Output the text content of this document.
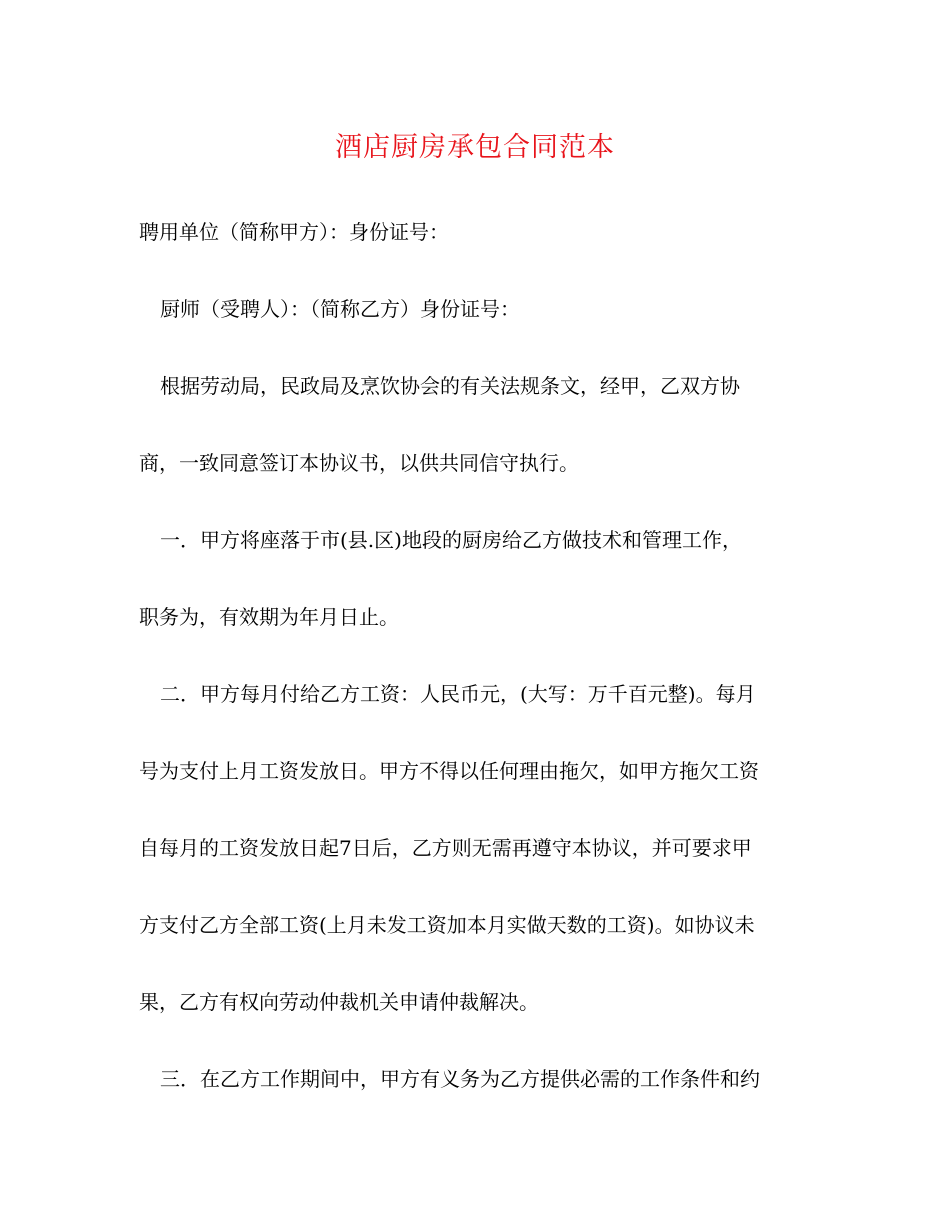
酒店厨房承包合同范本
聘用单位（简称甲方）：身份证号：
厨师（受聘人）：（简称乙方）身份证号：
根据劳动局，民政局及烹饮协会的有关法规条文，经甲，乙双方协
商，一致同意签订本协议书，以供共同信守执行。
一．甲方将座落于市(县.区)地段的厨房给乙方做技术和管理工作，
职务为，有效期为年月日止。
二．甲方每月付给乙方工资：人民币元，(大写：万千百元整)。每月
号为支付上月工资发放日。甲方不得以任何理由拖欠，如甲方拖欠工资
自每月的工资发放日起7日后，乙方则无需再遵守本协议，并可要求甲
方支付乙方全部工资(上月未发工资加本月实做天数的工资)。如协议未
果，乙方有权向劳动仲裁机关申请仲裁解决。
三．在乙方工作期间中，甲方有义务为乙方提供必需的工作条件和约
